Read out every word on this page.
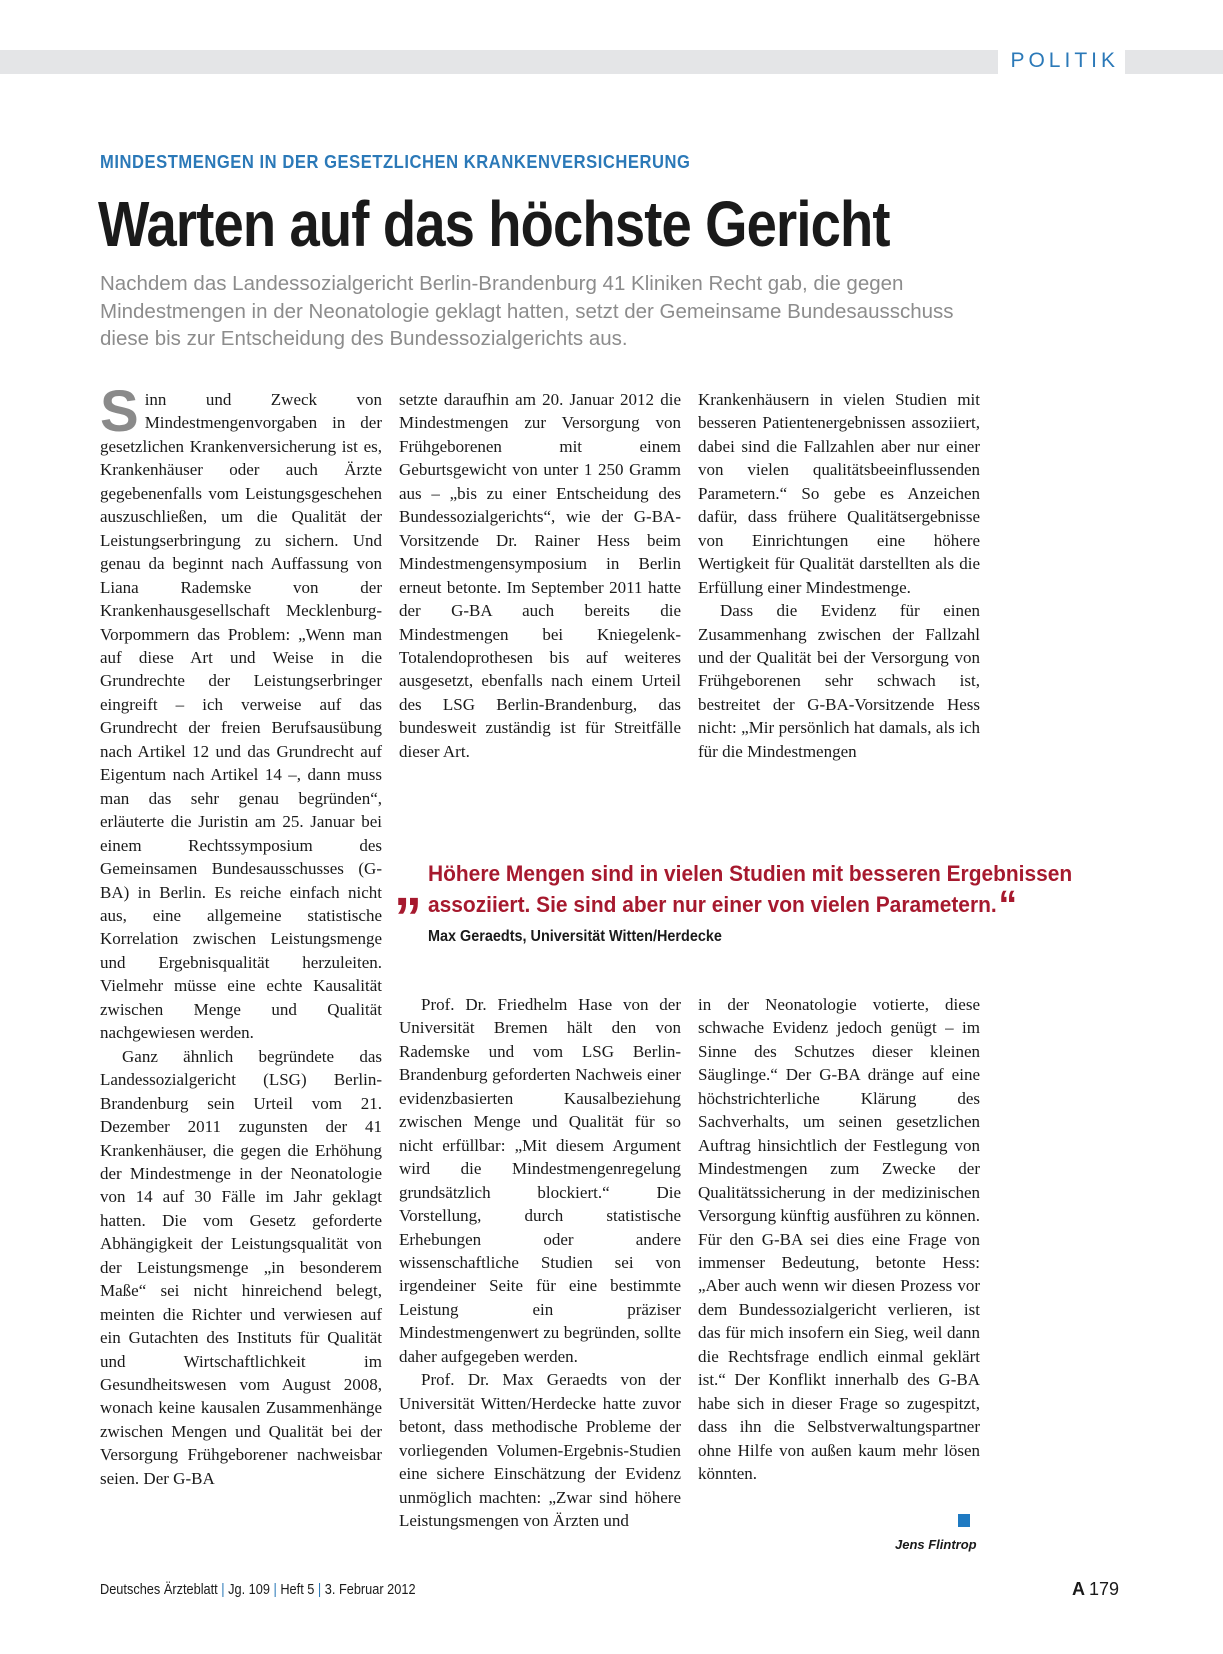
POLITIK
MINDESTMENGEN IN DER GESETZLICHEN KRANKENVERSICHERUNG
Warten auf das höchste Gericht

Nachdem das Landessozialgericht Berlin-Brandenburg 41 Kliniken Recht gab, die gegen Mindestmengen in der Neonatologie geklagt hatten, setzt der Gemeinsame Bundesausschuss diese bis zur Entscheidung des Bundessozialgerichts aus.

Sinn und Zweck von Mindestmengenvorgaben in der gesetzlichen Krankenversicherung ist es, Krankenhäuser oder auch Ärzte gegebenenfalls vom Leistungsgeschehen auszuschließen, um die Qualität der Leistungserbringung zu sichern. Und genau da beginnt nach Auffassung von Liana Rademske von der Krankenhausgesellschaft Mecklenburg-Vorpommern das Problem: „Wenn man auf diese Art und Weise in die Grundrechte der Leistungserbringer eingreift – ich verweise auf das Grundrecht der freien Berufsausübung nach Artikel 12 und das Grundrecht auf Eigentum nach Artikel 14 –, dann muss man das sehr genau begründen“, erläuterte die Juristin am 25. Januar bei einem Rechtssymposium des Gemeinsamen Bundesausschusses (G-BA) in Berlin. Es reiche einfach nicht aus, eine allgemeine statistische Korrelation zwischen Leistungsmenge und Ergebnisqualität herzuleiten. Vielmehr müsse eine echte Kausalität zwischen Menge und Qualität nachgewiesen werden.

Ganz ähnlich begründete das Landessozialgericht (LSG) Berlin-Brandenburg sein Urteil vom 21. Dezember 2011 zugunsten der 41 Krankenhäuser, die gegen die Erhöhung der Mindestmenge in der Neonatologie von 14 auf 30 Fälle im Jahr geklagt hatten. Die vom Gesetz geforderte Abhängigkeit der Leistungsqualität von der Leistungsmenge „in besonderem Maße“ sei nicht hinreichend belegt, meinten die Richter und verwiesen auf ein Gutachten des Instituts für Qualität und Wirtschaftlichkeit im Gesundheitswesen vom August 2008, wonach keine kausalen Zusammenhänge zwischen Mengen und Qualität bei der Versorgung Frühgeborener nachweisbar seien. Der G-BA

setzte daraufhin am 20. Januar 2012 die Mindestmengen zur Versorgung von Frühgeborenen mit einem Geburtsgewicht von unter 1 250 Gramm aus – „bis zu einer Entscheidung des Bundessozialgerichts“, wie der G-BA-Vorsitzende Dr. Rainer Hess beim Mindestmengensymposium in Berlin erneut betonte. Im September 2011 hatte der G-BA auch bereits die Mindestmengen bei Kniegelenk-Totalendoprothesen bis auf weiteres ausgesetzt, ebenfalls nach einem Urteil des LSG Berlin-Brandenburg, das bundesweit zuständig ist für Streitfälle dieser Art.

Krankenhäusern in vielen Studien mit besseren Patientenergebnissen assoziiert, dabei sind die Fallzahlen aber nur einer von vielen qualitätsbeeinflussenden Parametern.“ So gebe es Anzeichen dafür, dass frühere Qualitätsergebnisse von Einrichtungen eine höhere Wertigkeit für Qualität darstellten als die Erfüllung einer Mindestmenge.

Dass die Evidenz für einen Zusammenhang zwischen der Fallzahl und der Qualität bei der Versorgung von Frühgeborenen sehr schwach ist, bestreitet der G-BA-Vorsitzende Hess nicht: „Mir persönlich hat damals, als ich für die Mindestmengen

„ Höhere Mengen sind in vielen Studien mit besseren Ergebnissen assoziiert. Sie sind aber nur einer von vielen Parametern.“

Max Geraedts, Universität Witten/Herdecke

Prof. Dr. Friedhelm Hase von der Universität Bremen hält den von Rademske und vom LSG Berlin-Brandenburg geforderten Nachweis einer evidenzbasierten Kausalbeziehung zwischen Menge und Qualität für so nicht erfüllbar: „Mit diesem Argument wird die Mindestmengenregelung grundsätzlich blockiert.“ Die Vorstellung, durch statistische Erhebungen oder andere wissenschaftliche Studien sei von irgendeiner Seite für eine bestimmte Leistung ein präziser Mindestmengenwert zu begründen, sollte daher aufgegeben werden.

Prof. Dr. Max Geraedts von der Universität Witten/Herdecke hatte zuvor betont, dass methodische Probleme der vorliegenden Volumen-Ergebnis-Studien eine sichere Einschätzung der Evidenz unmöglich machten: „Zwar sind höhere Leistungsmengen von Ärzten und

in der Neonatologie votierte, diese schwache Evidenz jedoch genügt – im Sinne des Schutzes dieser kleinen Säuglinge.“ Der G-BA dränge auf eine höchstrichterliche Klärung des Sachverhalts, um seinen gesetzlichen Auftrag hinsichtlich der Festlegung von Mindestmengen zum Zwecke der Qualitätssicherung in der medizinischen Versorgung künftig ausführen zu können. Für den G-BA sei dies eine Frage von immenser Bedeutung, betonte Hess: „Aber auch wenn wir diesen Prozess vor dem Bundessozialgericht verlieren, ist das für mich insofern ein Sieg, weil dann die Rechtsfrage endlich einmal geklärt ist.“ Der Konflikt innerhalb des G-BA habe sich in dieser Frage so zugespitzt, dass ihn die Selbstverwaltungspartner ohne Hilfe von außen kaum mehr lösen könnten.

Jens Flintrop
Deutsches Ärzteblatt | Jg. 109 | Heft 5 | 3. Februar 2012	A 179
